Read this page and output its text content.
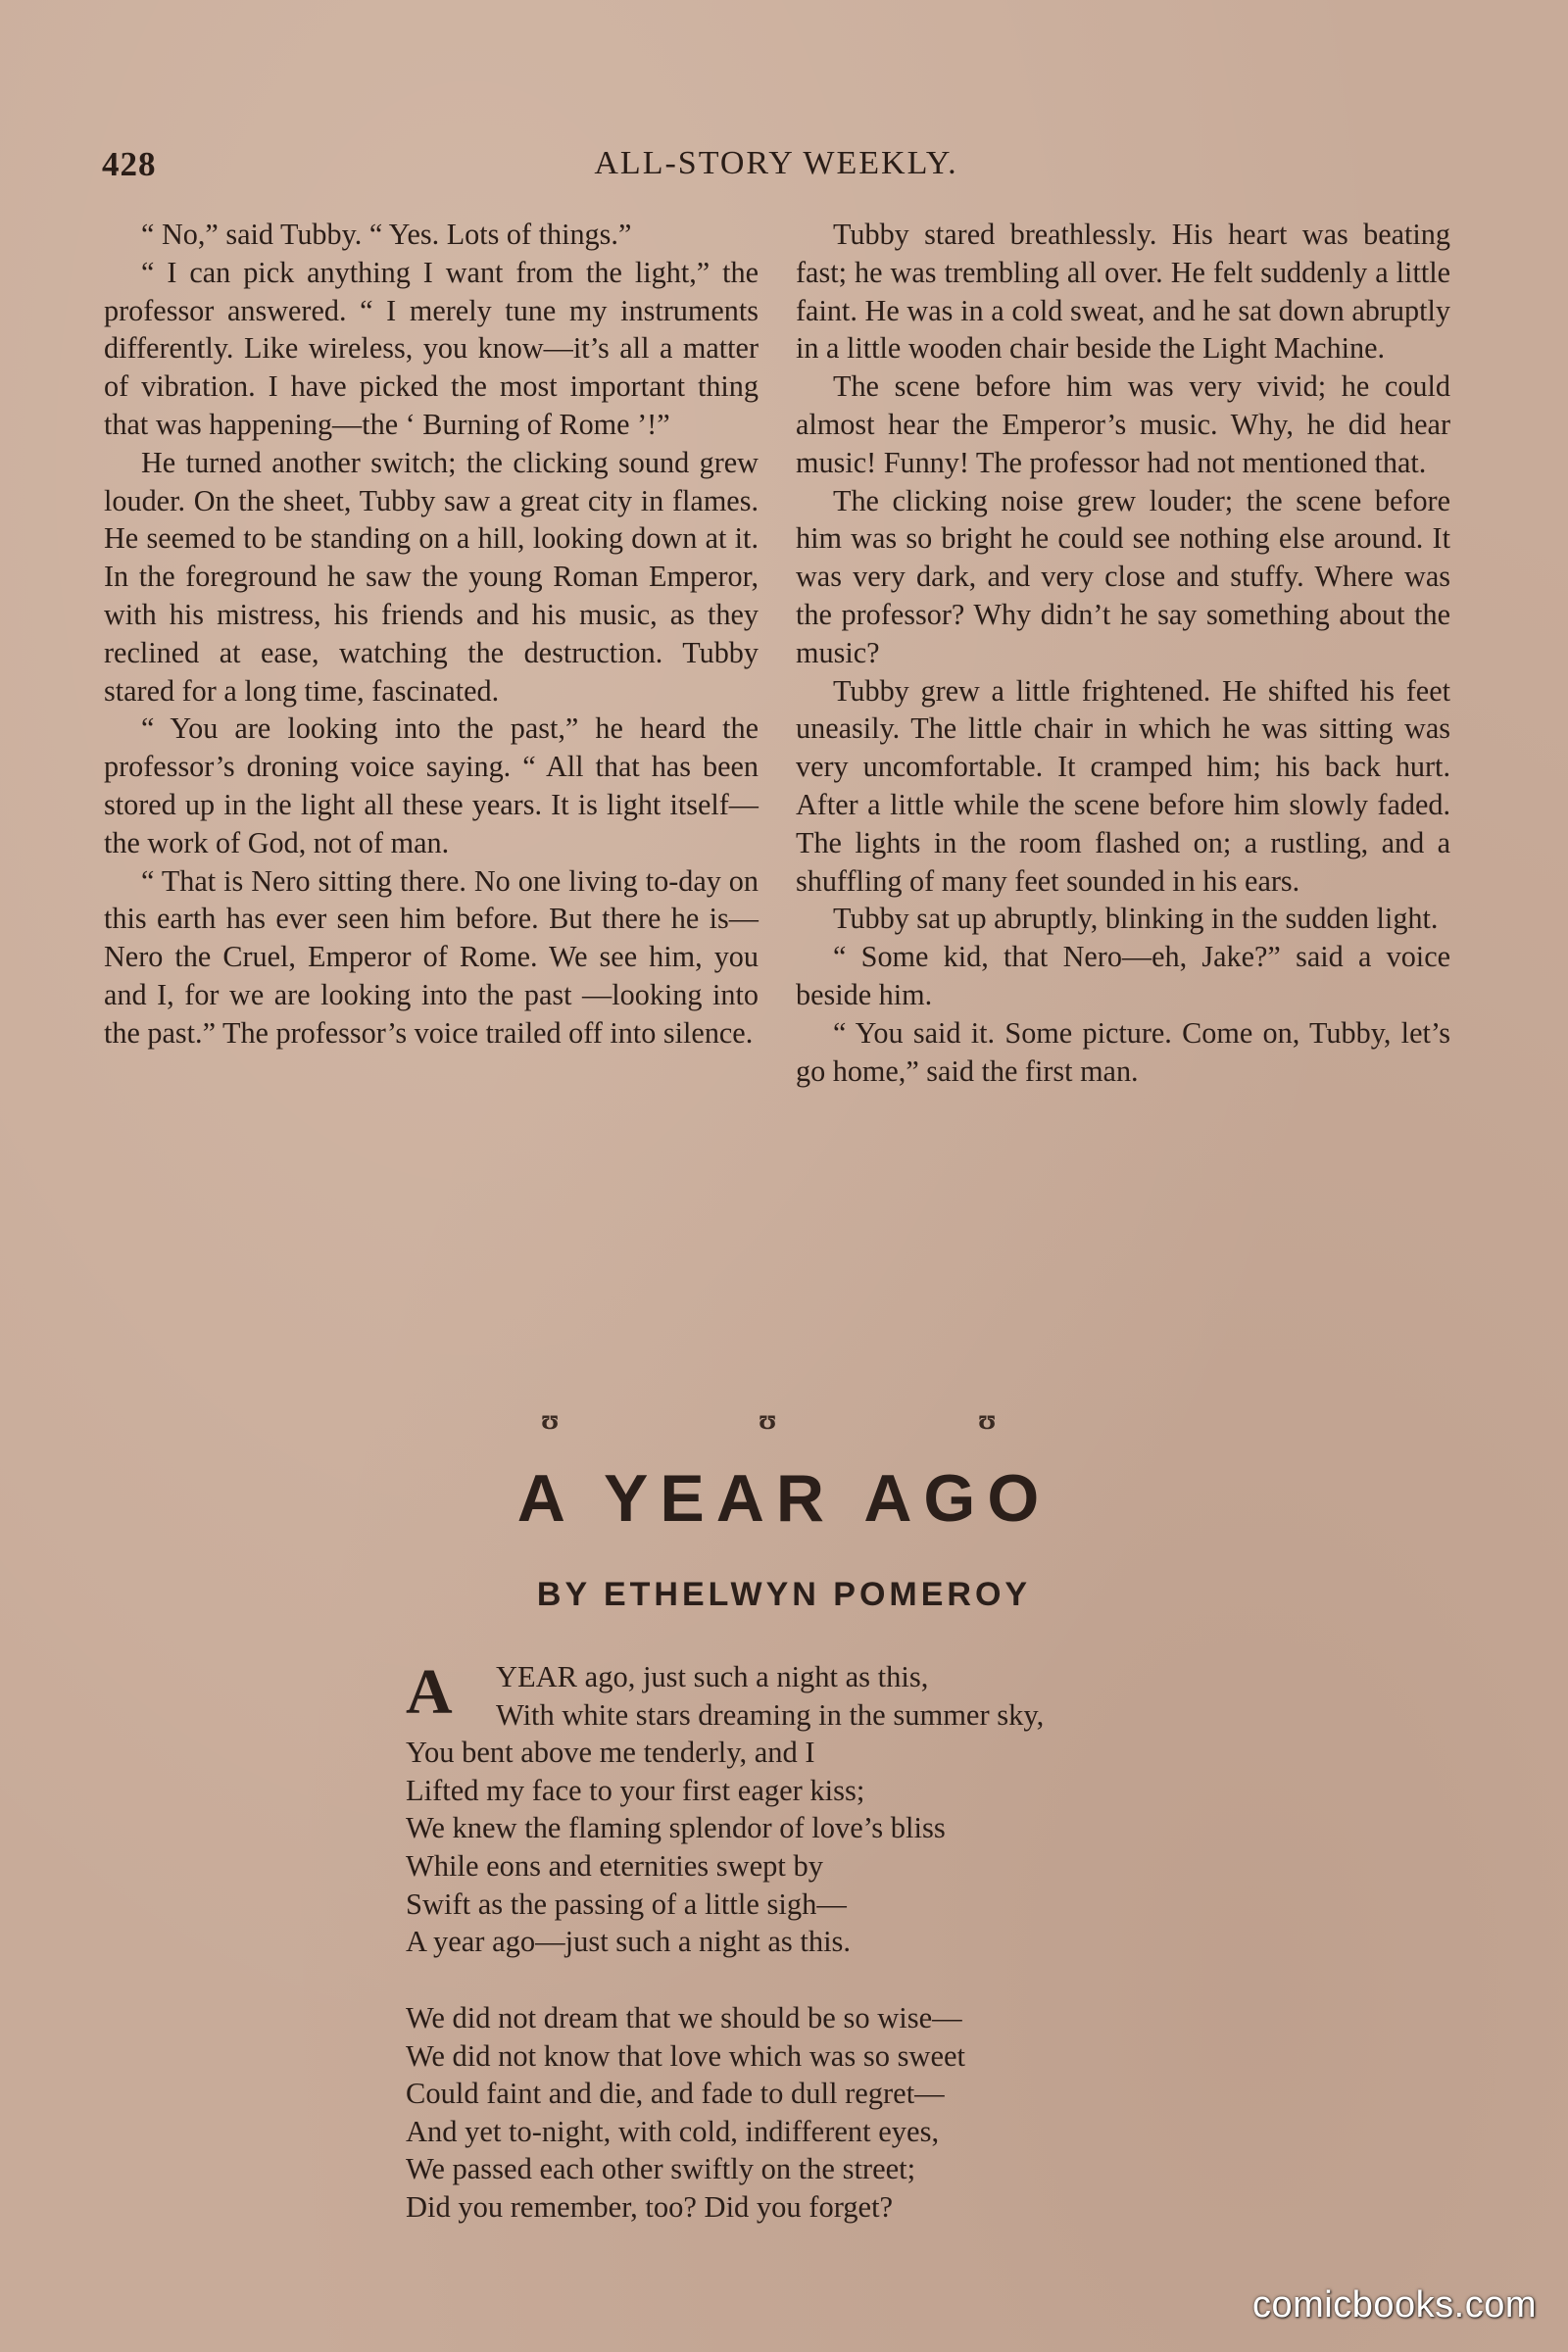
428	ALL-STORY WEEKLY.

“ No,” said Tubby. “ Yes. Lots of things.”

“ I can pick anything I want from the light,” the professor answered. “ I merely tune my instruments differently. Like wireless, you know—it’s all a matter of vibration. I have picked the most important thing that was happening—the ‘ Burning of Rome ’!”

He turned another switch; the clicking sound grew louder. On the sheet, Tubby saw a great city in flames. He seemed to be standing on a hill, looking down at it. In the foreground he saw the young Roman Emperor, with his mistress, his friends and his music, as they reclined at ease, watching the destruction. Tubby stared for a long time, fascinated.

“ You are looking into the past,” he heard the professor’s droning voice saying. “ All that has been stored up in the light all these years. It is light itself—the work of God, not of man.

“ That is Nero sitting there. No one living to-day on this earth has ever seen him before. But there he is—Nero the Cruel, Emperor of Rome. We see him, you and I, for we are looking into the past —looking into the past.” The professor’s voice trailed off into silence.

Tubby stared breathlessly. His heart was beating fast; he was trembling all over. He felt suddenly a little faint. He was in a cold sweat, and he sat down abruptly in a little wooden chair beside the Light Machine.

The scene before him was very vivid; he could almost hear the Emperor’s music. Why, he did hear music! Funny! The professor had not mentioned that.

The clicking noise grew louder; the scene before him was so bright he could see nothing else around. It was very dark, and very close and stuffy. Where was the professor? Why didn’t he say something about the music?

Tubby grew a little frightened. He shifted his feet uneasily. The little chair in which he was sitting was very uncomfortable. It cramped him; his back hurt. After a little while the scene before him slowly faded. The lights in the room flashed on; a rustling, and a shuffling of many feet sounded in his ears.

Tubby sat up abruptly, blinking in the sudden light.

“ Some kid, that Nero—eh, Jake?” said a voice beside him.

“ You said it. Some picture. Come on, Tubby, let’s go home,” said the first man.

ʊ	ʊ	ʊ
A YEAR AGO
BY ETHELWYN POMEROY
A	YEAR ago, just such a night as this,
With white stars dreaming in the summer sky,
You bent above me tenderly, and I
Lifted my face to your first eager kiss;
We knew the flaming splendor of love’s bliss
While eons and eternities swept by
Swift as the passing of a little sigh—
A year ago—just such a night as this.
We did not dream that we should be so wise—
We did not know that love which was so sweet
Could faint and die, and fade to dull regret—
And yet to-night, with cold, indifferent eyes,
We passed each other swiftly on the street;
Did you remember, too? Did you forget?
comicbooks.com
